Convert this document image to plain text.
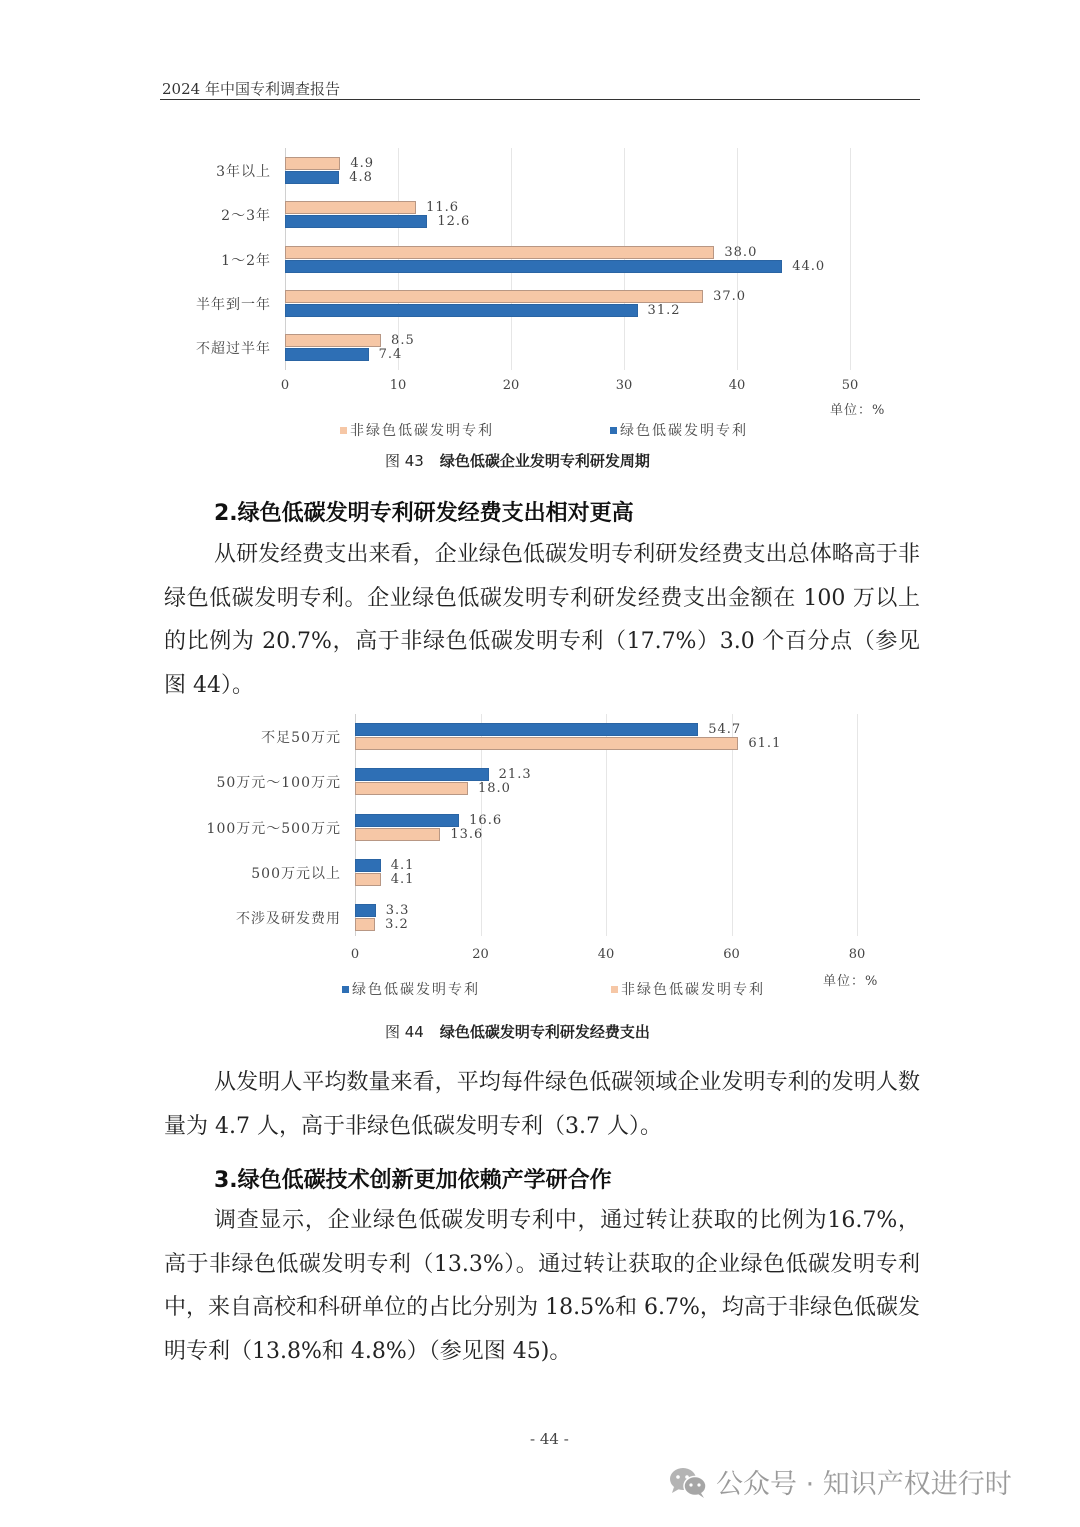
2024 年中国专利调查报告
单位：%
非绿色低碳发明专利	绿色低碳发明专利
图 43 绿色低碳企业发明专利研发周期
0	10	20	30	40	50
3年以上
4.9
4.8
2～3年
11.6
12.6
1～2年
38.0
44.0
半年到一年
37.0
31.2
不超过半年
8.5
7.4
2.绿色低碳发明专利研发经费支出相对更高

从研发经费支出来看，企业绿色低碳发明专利研发经费支出总体略高于非绿色低碳发明专利。企业绿色低碳发明专利研发经费支出金额在 100 万以上的比例为 20.7%，高于非绿色低碳发明专利（17.7%）3.0 个百分点（参见图 44）。

单位：%
绿色低碳发明专利	非绿色低碳发明专利
图 44 绿色低碳发明专利研发经费支出
0	20	40	60	80
不足50万元
54.7
61.1
50万元～100万元
21.3
18.0
100万元～500万元
16.6
13.6
500万元以上
4.1
4.1
不涉及研发费用
3.3
3.2

从发明人平均数量来看，平均每件绿色低碳领域企业发明专利的发明人数量为 4.7 人，高于非绿色低碳发明专利（3.7 人）。

3.绿色低碳技术创新更加依赖产学研合作

调查显示，企业绿色低碳发明专利中，通过转让获取的比例为16.7%，高于非绿色低碳发明专利（13.3%）。通过转让获取的企业绿色低碳发明专利中，来自高校和科研单位的占比分别为 18.5%和 6.7%，均高于非绿色低碳发明专利（13.8%和 4.8%）（参见图 45)。

- 44 -
公众号 · 知识产权进行时
